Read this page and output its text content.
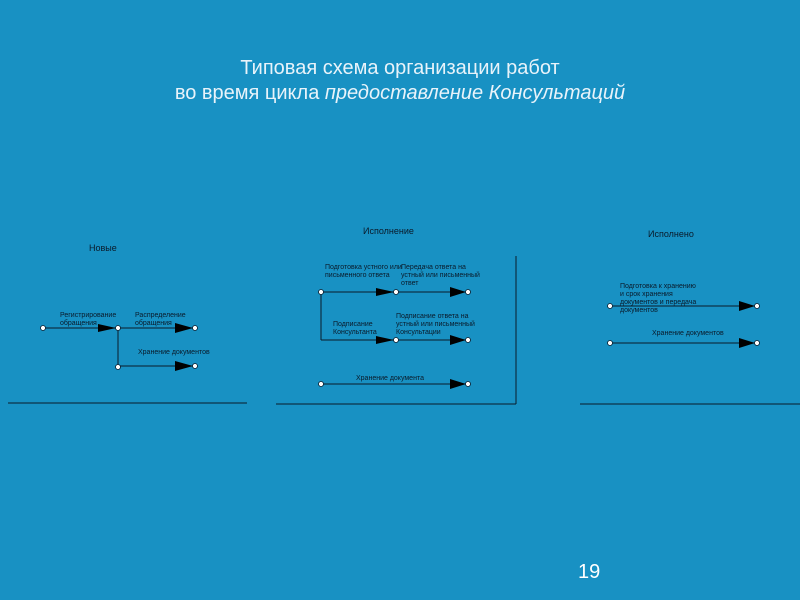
Типовая схема организации работ
во время цикла предоставление Консультаций
Новые
Регистрирование обращения
Распределение обращения
Хранение документов
Исполнение
Подготовка устного или письменного ответа
Передача ответа на устный или письменный ответ
Подписание Консультанта
Подписание ответа на устный или письменный Консультации
Хранение документа
Исполнено
Подготовка к хранению и срок хранения документов и передача документов
Хранение документов
19
